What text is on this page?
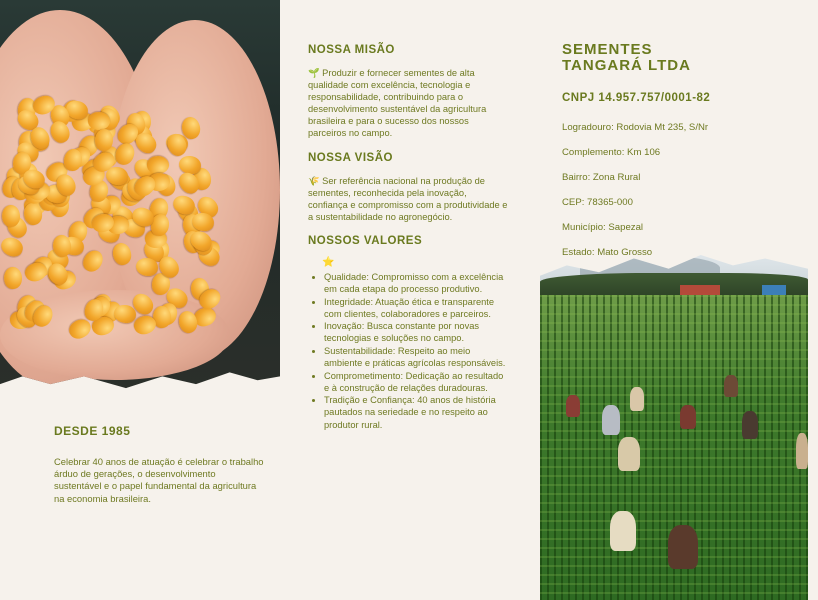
DESDE 1985

Celebrar 40 anos de atuação é celebrar o trabalho árduo de gerações, o desenvolvimento sustentável e o papel fundamental da agricultura na economia brasileira.

NOSSA MISÃO

🌱 Produzir e fornecer sementes de alta qualidade com excelência, tecnologia e responsabilidade, contribuindo para o desenvolvimento sustentável da agricultura brasileira e para o sucesso dos nossos parceiros no campo.

NOSSA VISÃO

🌾 Ser referência nacional na produção de sementes, reconhecida pela inovação, confiança e compromisso com a produtividade e a sustentabilidade no agronegócio.

NOSSOS VALORES
⭐
• Qualidade: Compromisso com a excelência em cada etapa do processo produtivo.
• Integridade: Atuação ética e transparente com clientes, colaboradores e parceiros.
• Inovação: Busca constante por novas tecnologias e soluções no campo.
• Sustentabilidade: Respeito ao meio ambiente e práticas agrícolas responsáveis.
• Comprometimento: Dedicação ao resultado e à construção de relações duradouras.
• Tradição e Confiança: 40 anos de história pautados na seriedade e no respeito ao produtor rural.
SEMENTES
TANGARÁ LTDA
CNPJ 14.957.757/0001-82

Logradouro: Rodovia Mt 235, S/Nr

Complemento: Km 106

Bairro: Zona Rural

CEP: 78365-000

Município: Sapezal

Estado: Mato Grosso
